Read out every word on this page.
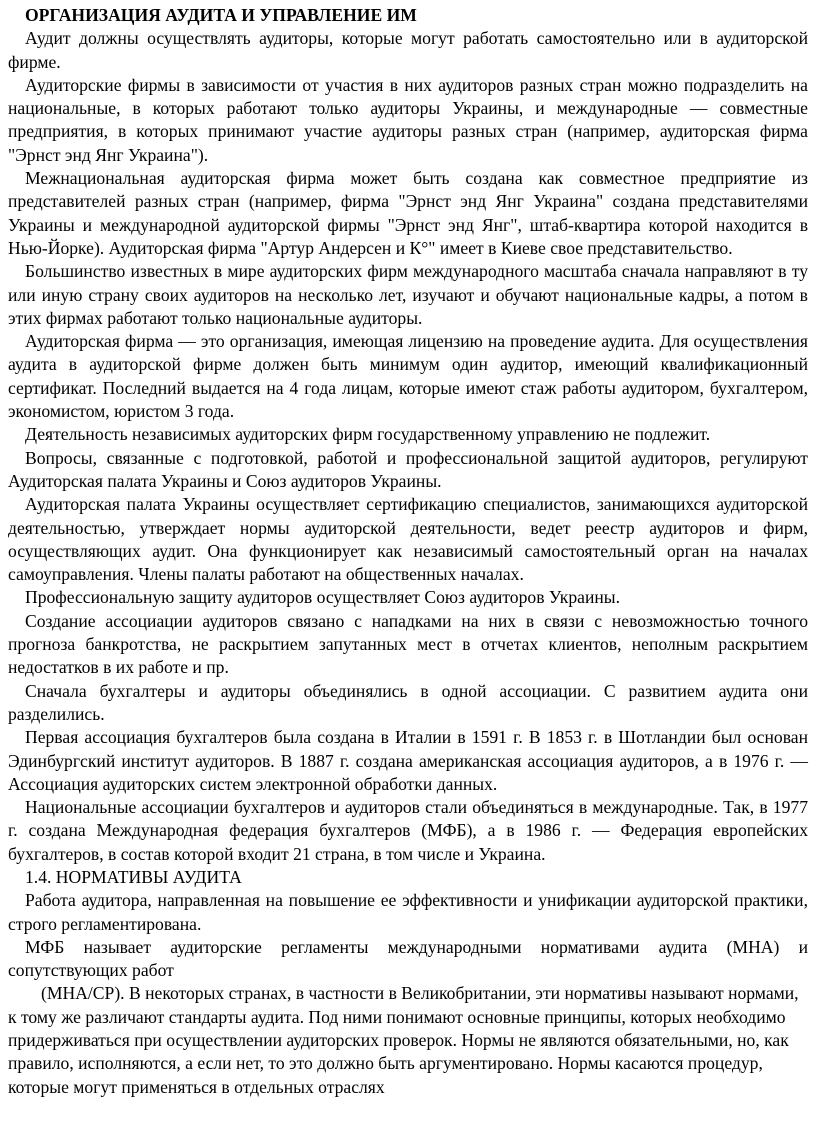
ОРГАНИЗАЦИЯ АУДИТА И УПРАВЛЕНИЕ ИМ

Аудит должны осуществлять аудиторы, которые могут работать самостоятельно или в аудиторской фирме.

Аудиторские фирмы в зависимости от участия в них аудиторов разных стран можно подразделить на национальные, в которых работают только аудиторы Украины, и международные — совместные предприятия, в которых принимают участие аудиторы разных стран (например, аудиторская фирма "Эрнст энд Янг Украина").

Межнациональная аудиторская фирма может быть создана как совместное предприятие из представителей разных стран (например, фирма "Эрнст энд Янг Украина" создана представителями Украины и международной аудиторской фирмы "Эрнст энд Янг", штаб-квартира которой находится в Нью-Йорке). Аудиторская фирма "Артур Андерсен и К°" имеет в Киеве свое представительство.

Большинство известных в мире аудиторских фирм международного масштаба сначала направляют в ту или иную страну своих аудиторов на несколько лет, изучают и обучают национальные кадры, а потом в этих фирмах работают только национальные аудиторы.

Аудиторская фирма — это организация, имеющая лицензию на проведение аудита. Для осуществления аудита в аудиторской фирме должен быть минимум один аудитор, имеющий квалификационный сертификат. Последний выдается на 4 года лицам, которые имеют стаж работы аудитором, бухгалтером, экономистом, юристом 3 года.

Деятельность независимых аудиторских фирм государственному управлению не подлежит.

Вопросы, связанные с подготовкой, работой и профессиональной защитой аудиторов, регулируют Аудиторская палата Украины и Союз аудиторов Украины.

Аудиторская палата Украины осуществляет сертификацию специалистов, занимающихся аудиторской деятельностью, утверждает нормы аудиторской деятельности, ведет реестр аудиторов и фирм, осуществляющих аудит. Она функционирует как независимый самостоятельный орган на началах самоуправления. Члены палаты работают на общественных началах.

Профессиональную защиту аудиторов осуществляет Союз аудиторов Украины.

Создание ассоциации аудиторов связано с нападками на них в связи с невозможностью точного прогноза банкротства, не раскрытием запутанных мест в отчетах клиентов, неполным раскрытием недостатков в их работе и пр.

Сначала бухгалтеры и аудиторы объединялись в одной ассоциации. С развитием аудита они разделились.

Первая ассоциация бухгалтеров была создана в Италии в 1591 г. В 1853 г. в Шотландии был основан Эдинбургский институт аудиторов. В 1887 г. создана американская ассоциация аудиторов, а в 1976 г. — Ассоциация аудиторских систем электронной обработки данных.

Национальные ассоциации бухгалтеров и аудиторов стали объединяться в международные. Так, в 1977 г. создана Международная федерация бухгалтеров (МФБ), а в 1986 г. — Федерация европейских бухгалтеров, в состав которой входит 21 страна, в том числе и Украина.

1.4. НОРМАТИВЫ АУДИТА

Работа аудитора, направленная на повышение ее эффективности и унификации аудиторской практики, строго регламентирована.

МФБ называет аудиторские регламенты международными нормативами аудита (МНА) и сопутствующих работ

(МНА/СР). В некоторых странах, в частности в Великобритании, эти нормативы называют нормами, к тому же различают стандарты аудита. Под ними понимают основные принципы, которых необходимо придерживаться при осуществлении аудиторских проверок. Нормы не являются обязательными, но, как правило, исполняются, а если нет, то это должно быть аргументировано. Нормы касаются процедур, которые могут применяться в отдельных отраслях
